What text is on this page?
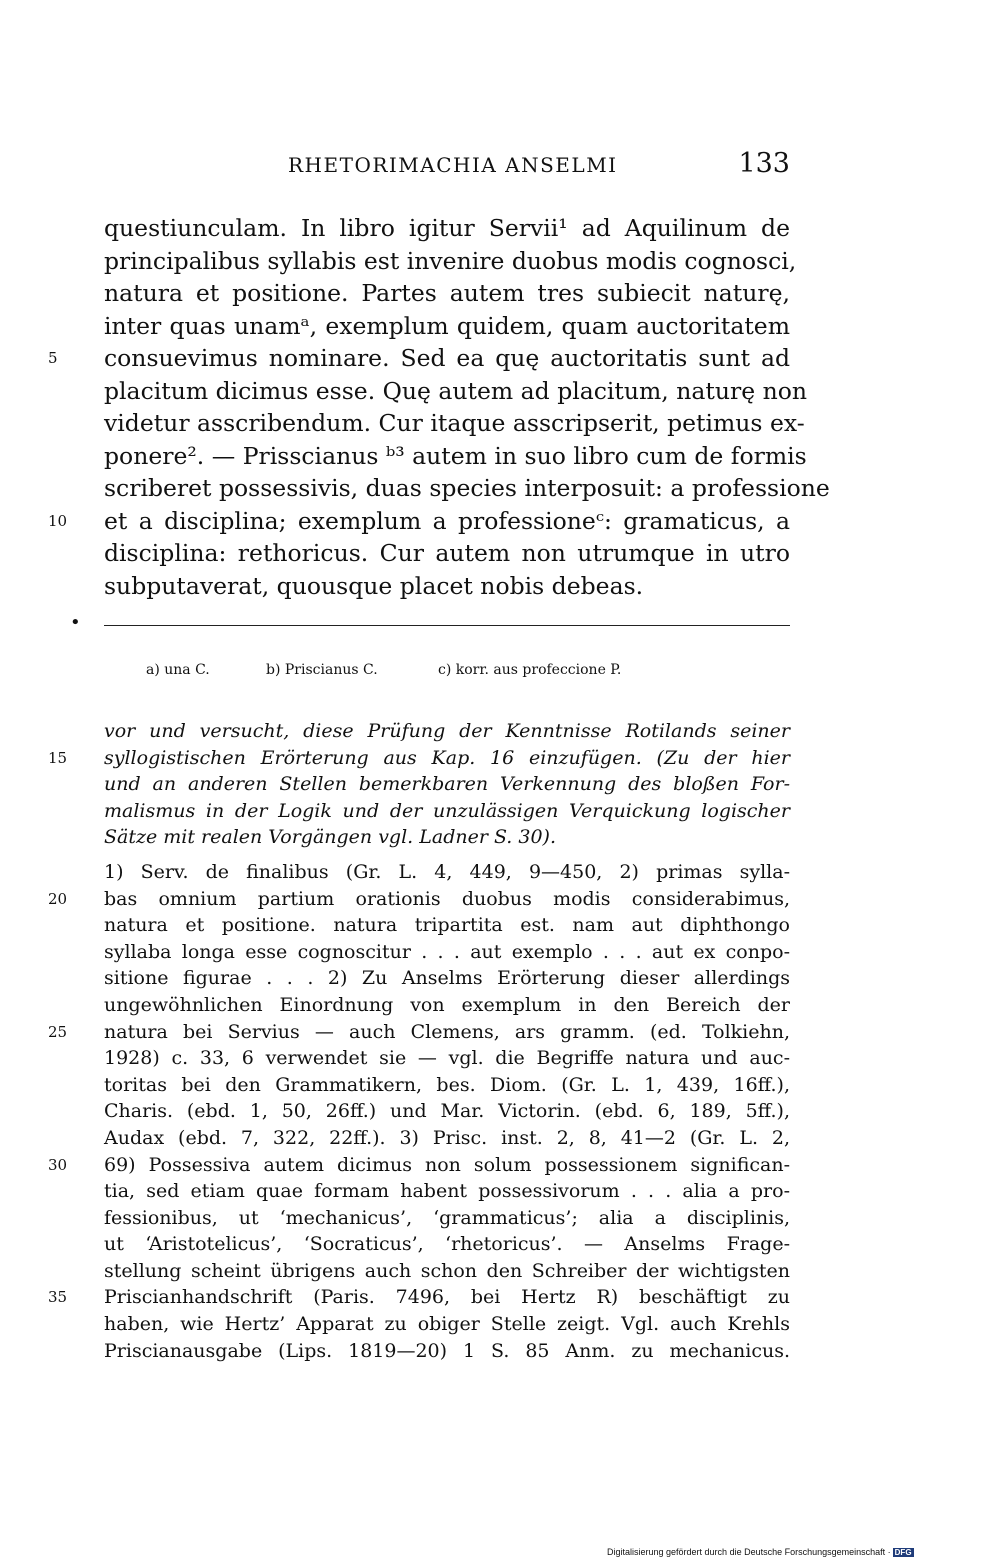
RHETORIMACHIA ANSELMI	133
questiunculam. In libro igitur Servii¹ ad Aquilinum de
principalibus syllabis est invenire duobus modis cognosci,
natura et positione. Partes autem tres subiecit naturę,
inter quas unamᵃ, exemplum quidem, quam auctoritatem
5	consuevimus nominare. Sed ea quę auctoritatis sunt ad
placitum dicimus esse. Quę autem ad placitum, naturę non
videtur asscribendum. Cur itaque asscripserit, petimus ex-
ponere². — Prisscianus ᵇ³ autem in suo libro cum de formis
scriberet possessivis, duas species interposuit: a professione
10	et a disciplina; exemplum a professioneᶜ: gramaticus, a
disciplina: rethoricus. Cur autem non utrumque in utro
subputaverat, quousque placet nobis debeas.
•
a) una C.	b) Priscianus C.	c) korr. aus profeccione P.
vor und versucht, diese Prüfung der Kenntnisse Rotilands seiner
15	syllogistischen Erörterung aus Kap. 16 einzufügen. (Zu der hier
und an anderen Stellen bemerkbaren Verkennung des bloßen For-
malismus in der Logik und der unzulässigen Verquickung logischer
Sätze mit realen Vorgängen vgl. Ladner S. 30).
1) Serv. de finalibus (Gr. L. 4, 449, 9—450, 2) primas sylla-
20	bas omnium partium orationis duobus modis considerabimus,
natura et positione. natura tripartita est. nam aut diphthongo
syllaba longa esse cognoscitur . . . aut exemplo . . . aut ex conpo-
sitione figurae . . . 2) Zu Anselms Erörterung dieser allerdings
ungewöhnlichen Einordnung von exemplum in den Bereich der
25	natura bei Servius — auch Clemens, ars gramm. (ed. Tolkiehn,
1928) c. 33, 6 verwendet sie — vgl. die Begriffe natura und auc-
toritas bei den Grammatikern, bes. Diom. (Gr. L. 1, 439, 16ff.),
Charis. (ebd. 1, 50, 26ff.) und Mar. Victorin. (ebd. 6, 189, 5ff.),
Audax (ebd. 7, 322, 22ff.). 3) Prisc. inst. 2, 8, 41—2 (Gr. L. 2,
30	69) Possessiva autem dicimus non solum possessionem significan-
tia, sed etiam quae formam habent possessivorum . . . alia a pro-
fessionibus, ut ‘mechanicus’, ‘grammaticus’; alia a disciplinis,
ut ‘Aristotelicus’, ‘Socraticus’, ‘rhetoricus’. — Anselms Frage-
stellung scheint übrigens auch schon den Schreiber der wichtigsten
35	Priscianhandschrift (Paris. 7496, bei Hertz R) beschäftigt zu
haben, wie Hertz’ Apparat zu obiger Stelle zeigt. Vgl. auch Krehls
Priscianausgabe (Lips. 1819—20) 1 S. 85 Anm. zu mechanicus.
Digitalisierung gefördert durch die Deutsche Forschungsgemeinschaft · DFG
